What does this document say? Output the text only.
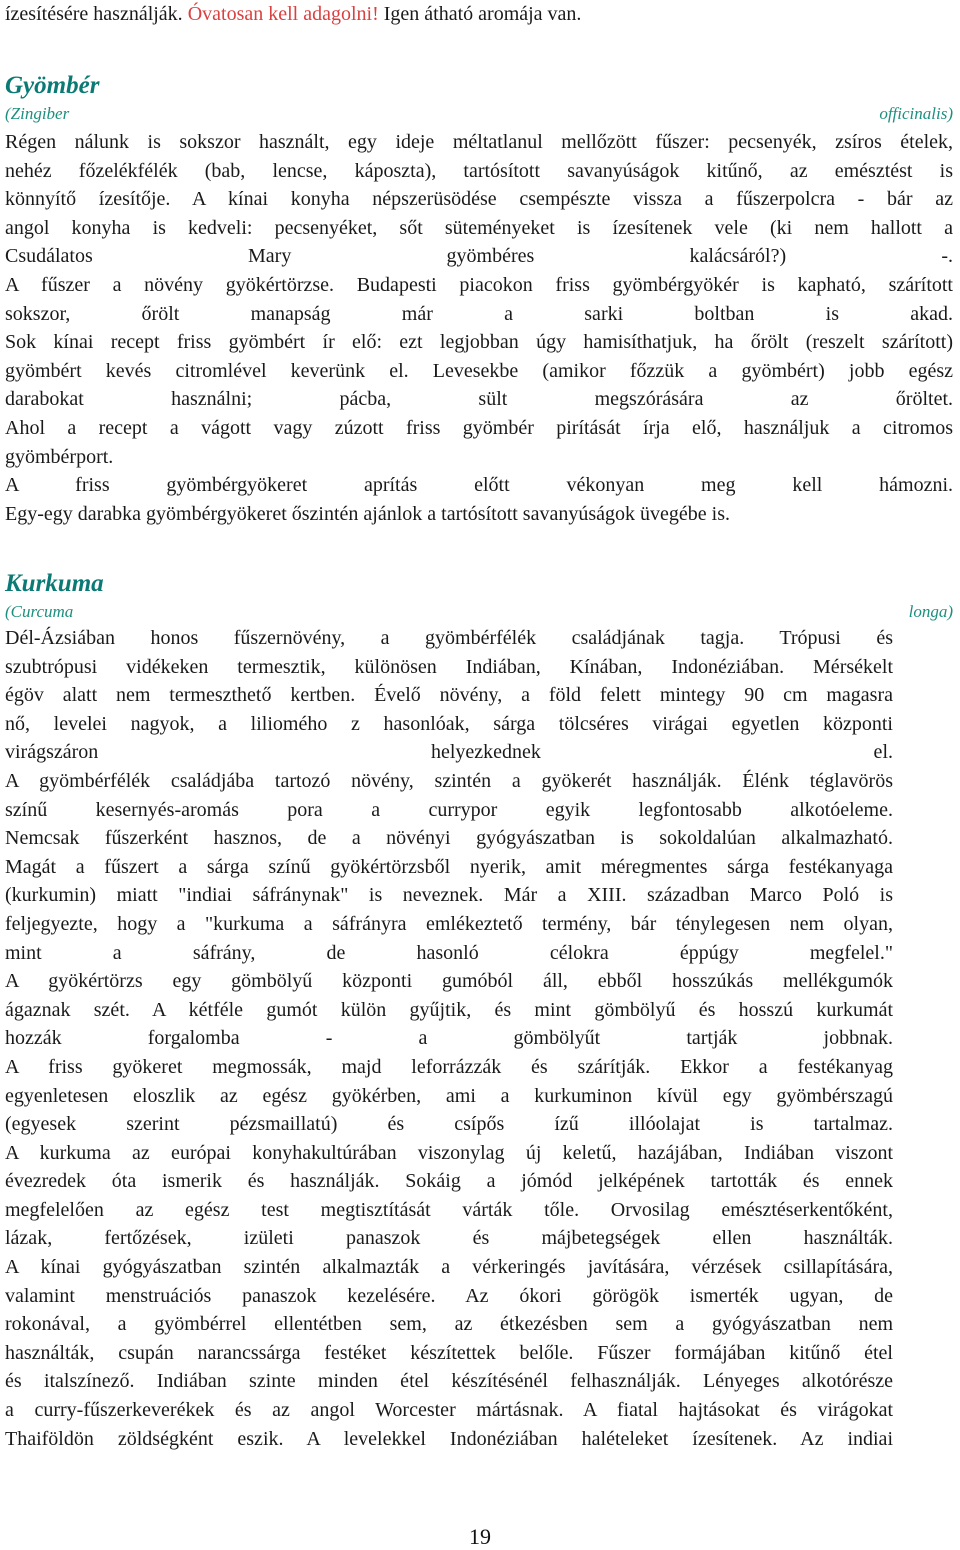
ízesítésére használják. Óvatosan kell adagolni! Igen átható aromája van.
Gyömbér
(Zingiber	officinalis)
Régen nálunk is sokszor használt, egy ideje méltatlanul mellőzött fűszer: pecsenyék, zsíros ételek,
nehéz főzelékfélék (bab, lencse, káposzta), tartósított savanyúságok kitűnő, az emésztést is
könnyítő ízesítője. A kínai konyha népszerüsödése csempészte vissza a fűszerpolcra - bár az
angol konyha is kedveli: pecsenyéket, sőt süteményeket is ízesítenek vele (ki nem hallott a
Csudálatos Mary gyömbéres kalácsáról?) -.
A fűszer a növény gyökértörzse. Budapesti piacokon friss gyömbérgyökér is kapható, szárított
sokszor, őrölt manapság már a sarki boltban is akad.
Sok kínai recept friss gyömbért ír elő: ezt legjobban úgy hamisíthatjuk, ha őrölt (reszelt szárított)
gyömbért kevés citromlével keverünk el. Levesekbe (amikor főzzük a gyömbért) jobb egész
darabokat használni; pácba, sült megszórására az őröltet.
Ahol a recept a vágott vagy zúzott friss gyömbér pirítását írja elő, használjuk a citromos
gyömbérport.
A friss gyömbérgyökeret aprítás előtt vékonyan meg kell hámozni.
Egy-egy darabka gyömbérgyökeret őszintén ajánlok a tartósított savanyúságok üvegébe is.
Kurkuma
(Curcuma	longa)
Dél-Ázsiában honos fűszernövény, a gyömbérfélék családjának tagja. Trópusi és
szubtrópusi vidékeken termesztik, különösen Indiában, Kínában, Indonéziában. Mérsékelt
égöv alatt nem termeszthető kertben. Évelő növény, a föld felett mintegy 90 cm magasra
nő, levelei nagyok, a liliomého z hasonlóak, sárga tölcséres virágai egyetlen központi
virágszáron helyezkednek el.
A gyömbérfélék családjába tartozó növény, szintén a gyökerét használják. Élénk téglavörös
színű kesernyés-aromás pora a currypor egyik legfontosabb alkotóeleme.
Nemcsak fűszerként hasznos, de a növényi gyógyászatban is sokoldalúan alkalmazható.
Magát a fűszert a sárga színű gyökértörzsből nyerik, amit méregmentes sárga festékanyaga
(kurkumin) miatt "indiai sáfránynak" is neveznek. Már a XIII. században Marco Poló is
feljegyezte, hogy a "kurkuma a sáfrányra emlékeztető termény, bár ténylegesen nem olyan,
mint a sáfrány, de hasonló célokra éppúgy megfelel."
A gyökértörzs egy gömbölyű központi gumóból áll, ebből hosszúkás mellékgumók
ágaznak szét. A kétféle gumót külön gyűjtik, és mint gömbölyű és hosszú kurkumát
hozzák forgalomba - a gömbölyűt tartják jobbnak.
A friss gyökeret megmossák, majd leforrázzák és szárítják. Ekkor a festékanyag
egyenletesen eloszlik az egész gyökérben, ami a kurkuminon kívül egy gyömbérszagú
(egyesek szerint pézsmaillatú) és csípős ízű illóolajat is tartalmaz.
A kurkuma az európai konyhakultúrában viszonylag új keletű, hazájában, Indiában viszont
évezredek óta ismerik és használják. Sokáig a jómód jelképének tartották és ennek
megfelelően az egész test megtisztítását várták tőle. Orvosilag emésztéserkentőként,
lázak, fertőzések, izületi panaszok és májbetegségek ellen használták.
A kínai gyógyászatban szintén alkalmazták a vérkeringés javítására, vérzések csillapítására,
valamint menstruációs panaszok kezelésére. Az ókori görögök ismerték ugyan, de
rokonával, a gyömbérrel ellentétben sem, az étkezésben sem a gyógyászatban nem
használták, csupán narancssárga festéket készítettek belőle. Fűszer formájában kitűnő étel
és italszínező. Indiában szinte minden étel készítésénél felhasználják. Lényeges alkotórésze
a curry-fűszerkeverékek és az angol Worcester mártásnak. A fiatal hajtásokat és virágokat
Thaiföldön zöldségként eszik. A levelekkel Indonéziában halételeket ízesítenek. Az indiai
19
